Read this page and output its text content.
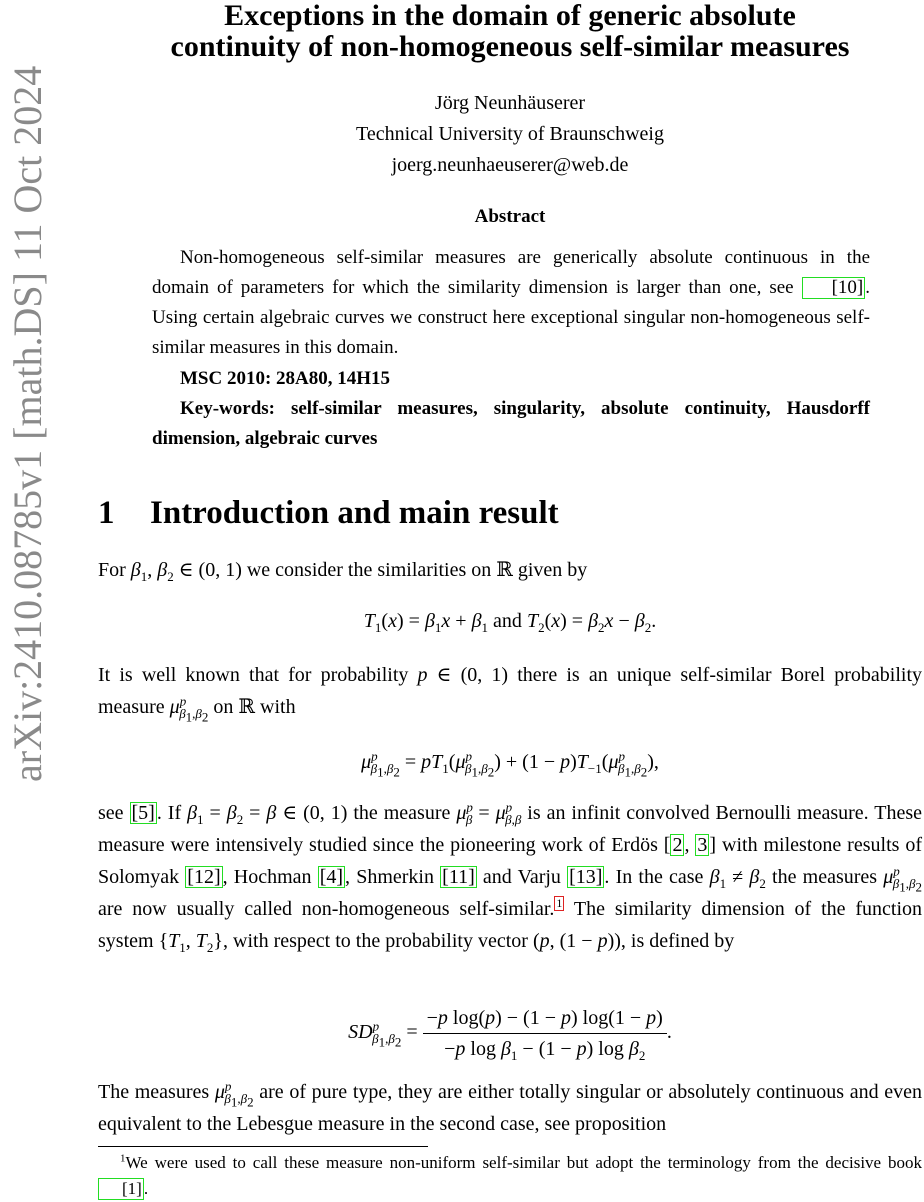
arXiv:2410.08785v1 [math.DS] 11 Oct 2024
Exceptions in the domain of generic absolute
continuity of non-homogeneous self-similar measures
Jörg Neunhäuserer
Technical University of Braunschweig
joerg.neunhaeuserer@web.de
Abstract
Non-homogeneous self-similar measures are generically absolute continuous in the domain of parameters for which the similarity dimension is larger than one, see [10] . Using certain algebraic curves we construct here exceptional singular non-homogeneous self-similar measures in this domain.
MSC 2010: 28A80, 14H15
Key-words: self-similar measures, singularity, absolute continuity, Hausdorff dimension, algebraic curves
1 Introduction and main result
For $\beta_1$, $\beta_2$ ∈ (0, 1) we consider the similarities on ℝ given by
$T_1(x) = \beta_1x + \beta_1$ and $T_2(x) = \beta_2x - \beta_2$.
It is well known that for probability p ∈ (0, 1) there is an unique self-similar Borel probability measure $\mu^p_{\beta_1,\beta_2}$ on ℝ with
$\mu^p_{\beta_1,\beta_2} = pT_1(\mu^p_{\beta_1,\beta_2}) + (1 - p)T_{-1}(\mu^p_{\beta_1,\beta_2})$,
see [5] . If $\beta_1 = \beta_2 = \beta$ ∈ (0, 1) the measure $\mu^p_\beta = \mu^p_{\beta,\beta}$ is an infinit convolved Bernoulli measure. These measure were intensively studied since the pioneering work of Erdös [ 2 , 3 ] with milestone results of Solomyak [12] , Hochman [4] , Shmerkin [11] and Varju [13] . In the case $\beta_1 \ne \beta_2$ the measures $\mu^p_{\beta_1,\beta_2}$ are now usually called non-homogeneous self-similar. 1 The similarity dimension of the function system {$T_1$, $T_2$}, with respect to the probability vector (p, (1 − p)), is defined by
$SD^p_{\beta_1,\beta_2} = \frac{\text{−p log(p) − (1 − p) log(1 − p)}}{-p \log \beta_1 - (1 - p) \log \beta_2}$ .
The measures $\mu^p_{\beta_1,\beta_2}$ are of pure type, they are either totally singular or absolutely continuous and even equivalent to the Lebesgue measure in the second case, see proposition
$^1$We were used to call these measure non-uniform self-similar but adopt the terminology from the decisive book [1] .
